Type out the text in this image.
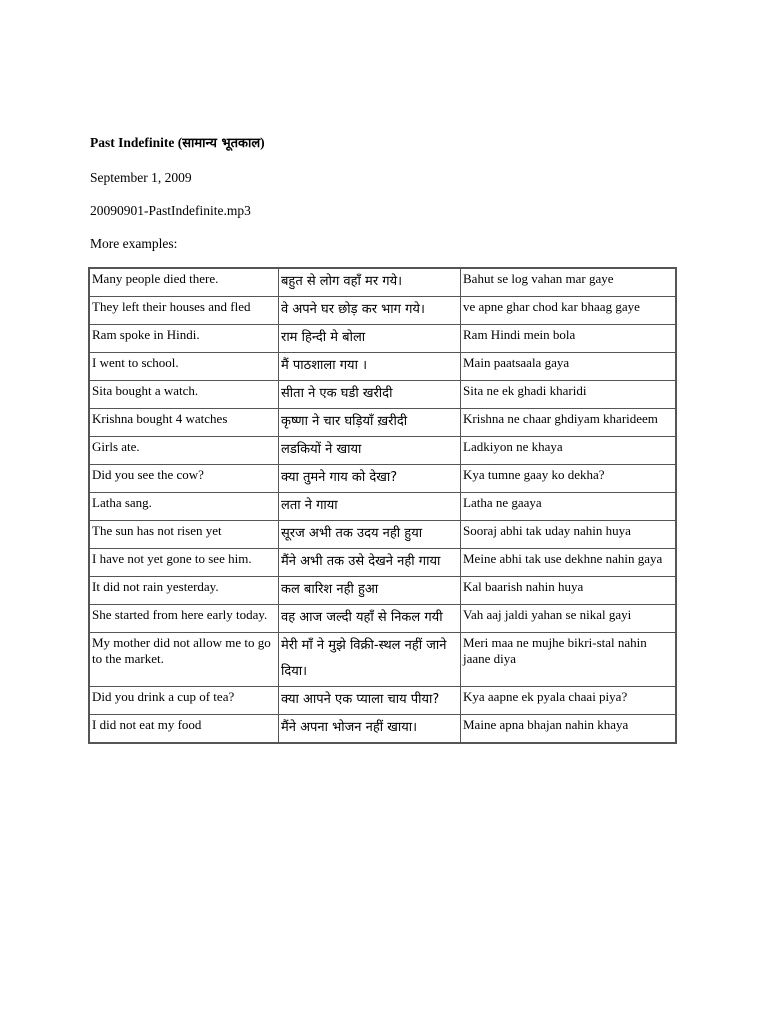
Past Indefinite (सामान्य भूतकाल)
September 1, 2009
20090901-PastIndefinite.mp3
More examples:
Many people died there.	बहुत से लोग वहाँ मर गये।	Bahut se log vahan mar gaye
They left their houses and fled	वे अपने घर छोड़ कर भाग गये।	ve apne ghar chod kar bhaag gaye
Ram spoke in Hindi.	राम हिन्दी मे बोला	Ram Hindi mein bola
I went to school.	मैं पाठशाला गया ।	Main paatsaala gaya
Sita bought a watch.	सीता ने एक घडी खरीदी	Sita ne ek ghadi kharidi
Krishna bought 4 watches	कृष्णा ने चार घड़ियाँ ख़रीदी	Krishna ne chaar ghdiyam kharideem
Girls ate.	लडकियों ने खाया	Ladkiyon ne khaya
Did you see the cow?	क्या तुमने गाय को देखा?	Kya tumne gaay ko dekha?
Latha sang.	लता ने गाया	Latha ne gaaya
The sun has not risen yet	सूरज अभी तक उदय नही हुया	Sooraj abhi tak uday nahin huya
I have not yet gone to see him.	मैंने अभी तक उसे देखने नही गाया	Meine abhi tak use dekhne nahin gaya
It did not rain yesterday.	कल बारिश नही हुआ	Kal baarish nahin huya
She started from here early today.	वह आज जल्दी यहाँ से निकल गयी	Vah aaj jaldi yahan se nikal gayi
My mother did not allow me to go to the market.	मेरी माँ ने मुझे विक्री-स्थल नहीं जाने दिया।	Meri maa ne mujhe bikri-stal nahin jaane diya
Did you drink a cup of tea?	क्या आपने एक प्याला चाय पीया?	Kya aapne ek pyala chaai piya?
I did not eat my food	मैंने अपना भोजन नहीं खाया।	Maine apna bhajan nahin khaya
